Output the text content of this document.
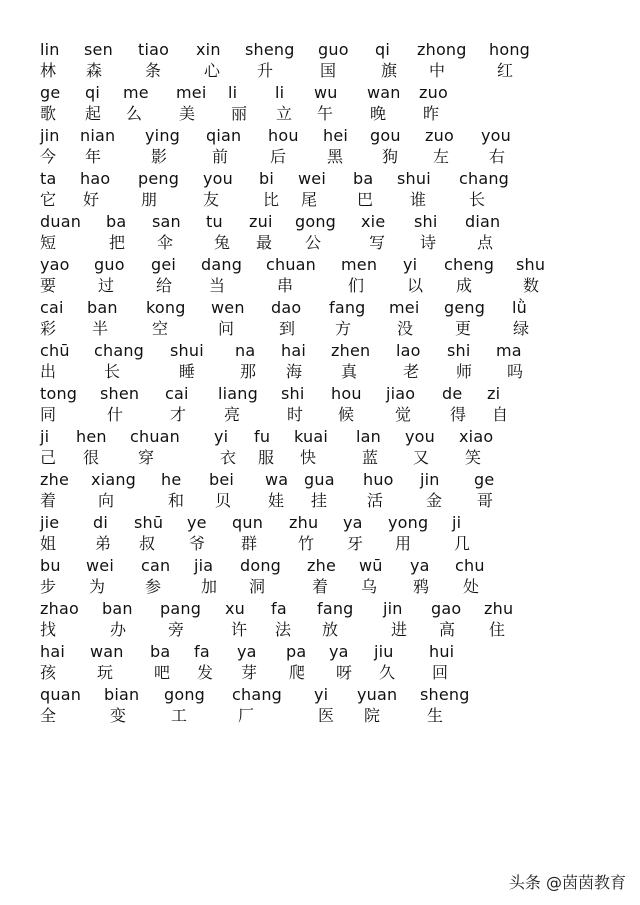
lin sen tiao xin sheng guo qi zhong hong
林 森	条	心 升	国	旗 中	红
ge qi me mei li li wu wan zuo
歌 起 么 美 丽 立 午 晚 昨
jin nian ying qian hou hei gou zuo you
今 年	影	前	后	黑 狗 左 右
ta hao peng you bi wei ba shui chang
它 好	朋	友	比 尾 巴 谁	长
duan ba san tu zui gong xie shi dian
短	把 伞	兔 最 公	写 诗	点
yao guo gei dang chuan men yi cheng shu
要	过	给 当	串	们	以 成	数
cai ban kong wen dao fang mei geng lǜ
彩 半	空	问	到 方	没	更	绿
chū chang shui na hai zhen lao shi ma
出	长	睡	那 海 真	老 师 吗
tong shen cai liang shi hou jiao de zi
同	什	才 亮	时 候	觉 得 自
ji hen chuan yi fu kuai lan you xiao
己 很 穿	衣 服 快	蓝 又 笑
zhe xiang he bei wa gua huo jin ge
着	向	和 贝 娃 挂 活	金 哥
jie di shū ye qun zhu ya yong ji
姐 弟 叔 爷 群	竹 牙 用	几
bu wei can jia dong zhe wū ya chu
步 为 参 加 洞	着 乌 鸦 处
zhao ban pang xu fa fang jin gao zhu
找	办	旁	许 法 放	进 高 住
hai wan ba fa ya pa ya jiu hui
孩	玩	吧 发 芽 爬 呀 久 回
quan bian gong chang yi yuan sheng
全	变	工	厂	医 院	生
头条 @茵茵教育
